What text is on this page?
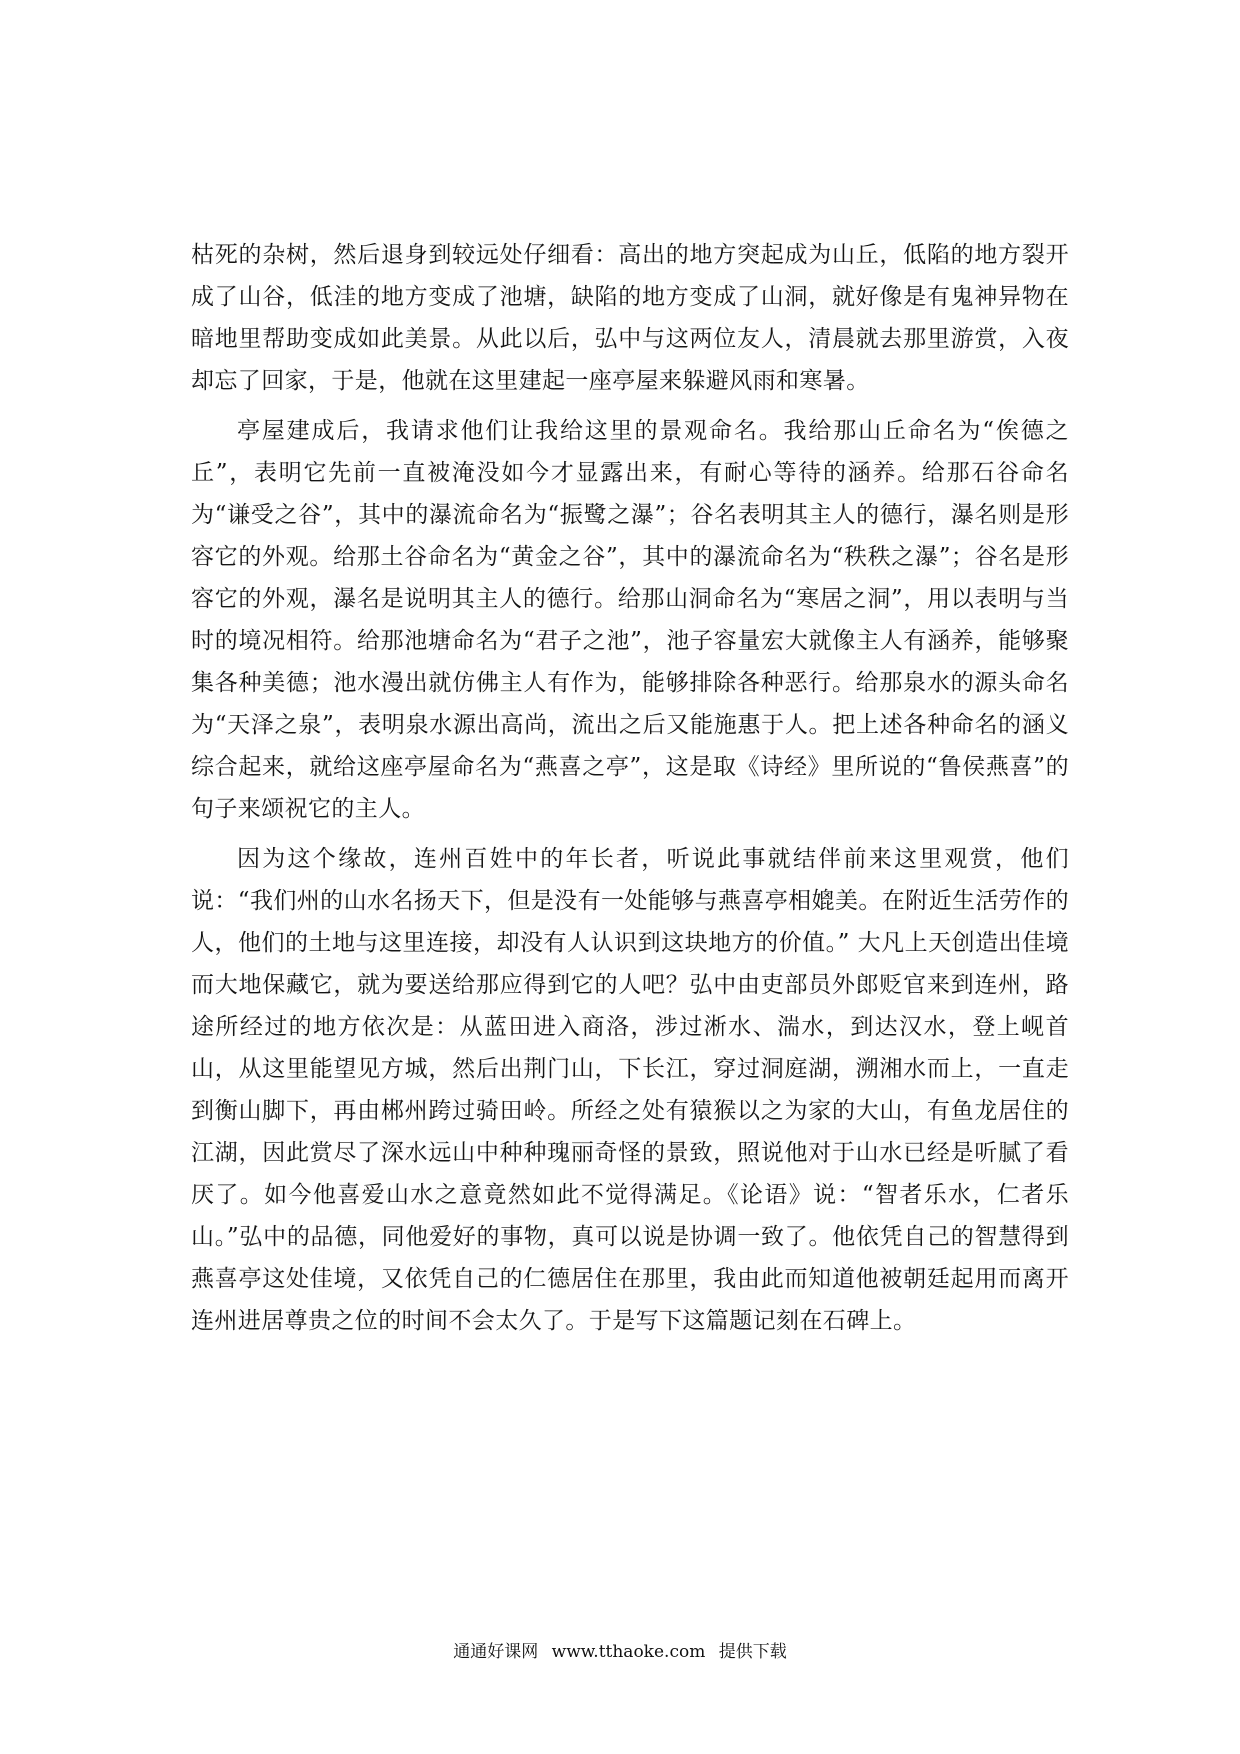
枯死的杂树，然后退身到较远处仔细看：高出的地方突起成为山丘，低陷的地方裂开成了山谷，低洼的地方变成了池塘，缺陷的地方变成了山洞，就好像是有鬼神异物在暗地里帮助变成如此美景。从此以后，弘中与这两位友人，清晨就去那里游赏，入夜却忘了回家，于是，他就在这里建起一座亭屋来躲避风雨和寒暑。

亭屋建成后，我请求他们让我给这里的景观命名。我给那山丘命名为“俟德之丘”，表明它先前一直被淹没如今才显露出来，有耐心等待的涵养。给那石谷命名为“谦受之谷”，其中的瀑流命名为“振鹭之瀑”；谷名表明其主人的德行，瀑名则是形容它的外观。给那土谷命名为“黄金之谷”，其中的瀑流命名为“秩秩之瀑”；谷名是形容它的外观，瀑名是说明其主人的德行。给那山洞命名为“寒居之洞”，用以表明与当时的境况相符。给那池塘命名为“君子之池”，池子容量宏大就像主人有涵养，能够聚集各种美德；池水漫出就仿佛主人有作为，能够排除各种恶行。给那泉水的源头命名为“天泽之泉”，表明泉水源出高尚，流出之后又能施惠于人。把上述各种命名的涵义综合起来，就给这座亭屋命名为“燕喜之亭”，这是取《诗经》里所说的“鲁侯燕喜”的句子来颂祝它的主人。

因为这个缘故，连州百姓中的年长者，听说此事就结伴前来这里观赏，他们说：“我们州的山水名扬天下，但是没有一处能够与燕喜亭相媲美。在附近生活劳作的人，他们的土地与这里连接，却没有人认识到这块地方的价值。” 大凡上天创造出佳境而大地保藏它，就为要送给那应得到它的人吧？弘中由吏部员外郎贬官来到连州，路途所经过的地方依次是：从蓝田进入商洛，涉过淅水、湍水，到达汉水，登上岘首山，从这里能望见方城，然后出荆门山，下长江，穿过洞庭湖，溯湘水而上，一直走到衡山脚下，再由郴州跨过骑田岭。所经之处有猿猴以之为家的大山，有鱼龙居住的江湖，因此赏尽了深水远山中种种瑰丽奇怪的景致，照说他对于山水已经是听腻了看厌了。如今他喜爱山水之意竟然如此不觉得满足。《论语》说：“智者乐水，仁者乐山。”弘中的品德，同他爱好的事物，真可以说是协调一致了。他依凭自己的智慧得到燕喜亭这处佳境，又依凭自己的仁德居住在那里，我由此而知道他被朝廷起用而离开连州进居尊贵之位的时间不会太久了。于是写下这篇题记刻在石碑上。

通通好课网 www.tthaoke.com 提供下载
